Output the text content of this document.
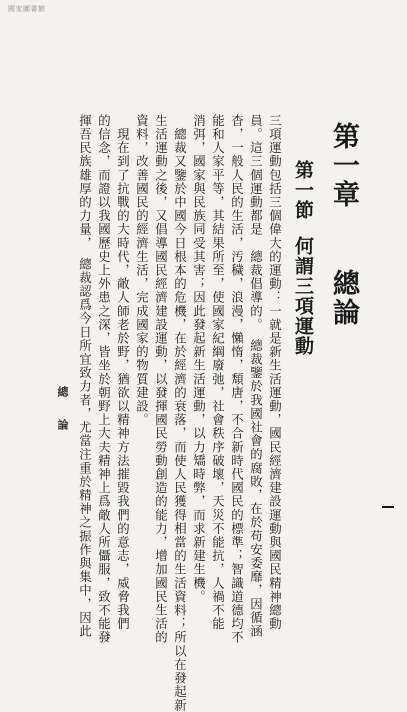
國家圖書館
第一章總論
第一節何謂三項運動
三項運動包括三個偉大的運動：一就是新生活運動，國民經濟建設運動與國民精神總動
員。這三個運動都是　總裁倡導的。　總裁鑒於我國社會的腐敗，在於苟安委靡，因循涵
杳，一般人民的生活，汚穢，浪漫，懶惰，頽唐，不合新時代國民的標準；智識道德均不
能和人家平等，其結果所至，使國家紀綱廢弛，社會秩序破壞，天災不能抗，人禍不能
消弭，國家與民族同受其害；因此發起新生活運動，以力矯時弊，而求新建生機。
　總裁又鑒於中國今日根本的危機，在於經濟的衰落，而使人民獲得相當的生活資料；所以在發起新
生活運動之後，又倡導國民經濟建設運動，以發揮國民勞動創造的能力，增加國民生活的
資料，改善國民的經濟生活，完成國家的物質建設。
　現在到了抗戰的大時代，敵人師老於野，猶欲以精神方法摧毀我們的意志，威脅我們
的信念，而證以我國歷史上外患之深，皆坐於朝野上大夫精神上爲敵人所懾服，致不能發
揮吾民族雄厚的力量，　總裁認爲今日所宜致力者，尤當注重於精神之振作與集中，因此
總論
